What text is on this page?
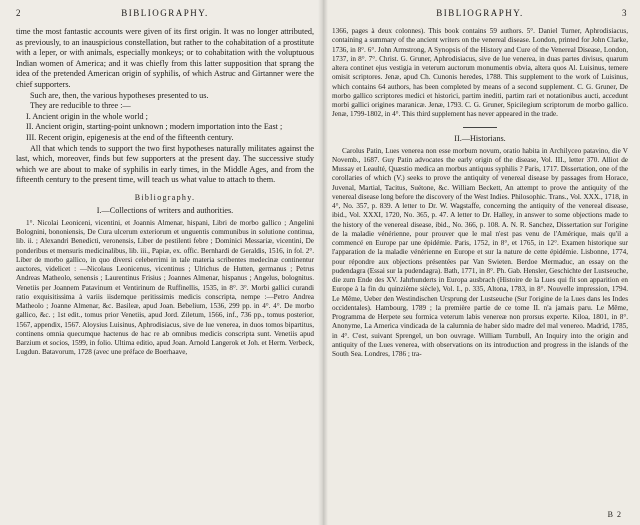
2	BIBLIOGRAPHY.

time the most fantastic accounts were given of its first origin. It was no longer attributed, as previously, to an inauspicious constellation, but rather to the cohabitation of a prostitute with a leper, or with animals, especially monkeys; or to cohabitation with the voluptuous Indian women of America; and it was chiefly from this latter supposition that sprang the idea of the pretended American origin of syphilis, of which Astruc and Girtanner were the chief supporters.

Such are, then, the various hypotheses presented to us.

They are reducible to three :—

I. Ancient origin in the whole world ;

II. Ancient origin, starting-point unknown ; modern importation into the East ;

III. Recent origin, epigenesis at the end of the fifteenth century.

All that which tends to support the two first hypotheses naturally militates against the last, which, moreover, finds but few supporters at the present day. The successive study which we are about to make of syphilis in early times, in the Middle Ages, and from the fifteenth century to the present time, will teach us what value to attach to them.

Bibliography.
I.—Collections of writers and authorities.

1°. Nicolai Leoniceni, vicentini, et Joannis Almenar, hispani, Libri de morbo gallico ; Angelini Bolognini, bononiensis, De Cura ulcerum exteriorum et unguentis communibus in solutione continua, lib. ii. ; Alexandri Benedicti, veronensis, Liber de pestilenti febre ; Dominici Messariæ, vicentini, De ponderibus et mensuris medicinalibus, lib. iii., Papiæ, ex. offic. Bernhardi de Geraldis, 1516, in fol. 2°. Liber de morbo gallico, in quo diversi celeberrimi in tale materia scribentes medecinæ continentur auctores, videlicet : —Nicolaus Leonicenus, vicentinus ; Ulrichus de Hutten, germanus ; Petrus Andreas Matheolo, senensis ; Laurentinus Frisius ; Joannes Almenar, hispanus ; Angelus, bolognitus. Venetiis per Joannem Patavinum et Ventirinum de Ruffinellis, 1535, in 8°. 3°. Morbi gallici curandi ratio exquisitissima à variis iisdemque peritissimis medicis conscripta, nempe :—Petro Andrea Matheolo ; Joanne Almenar, &c. Basileæ, apud Joan. Bebelium, 1536, 299 pp. in 4°. 4°. De morbo gallico, &c. ; 1st edit., tomus prior Venetiis, apud Jord. Ziletum, 1566, inf., 736 pp., tomus posterior, 1567, appendix, 1567. Aloysius Luisinus, Aphrodisiacus, sive de lue venerea, in duos tomos bipartitus, continens omnia quecumque hactenus de hac re ab omnibus medicis conscripta sunt. Venetiis apud Barzium et socios, 1599, in folio. Ultima editio, apud Joan. Arnold Langerok et Joh. et Herm. Verbeck, Lugdun. Batavorum, 1728 (avec une préface de Boerhaave,

BIBLIOGRAPHY.	3

1366, pages à deux colonnes). This book contains 59 authors. 5°. Daniel Turner, Aphrodisiacus, containing a summary of the ancient writers on the venereal disease. London, printed for John Clarke, 1736, in 8°. 6°. John Armstrong, A Synopsis of the History and Cure of the Venereal Disease, London, 1737, in 8°. 7°. Christ. G. Gruner, Aphrodisiacus, sive de lue venerea, in duas partes divisus, quarum altera continet ejus vestigia in veterum auctorum monumentis obvia, altera quos Al. Luisinus, temere omisit scriptores. Jenæ, apud Ch. Cunonis heredes, 1788. This supplement to the work of Luisinus, which contains 64 authors, has been completed by means of a second supplement. C. G. Gruner, De morbo gallico scriptores medici et historici, partim inediti, partim rari et notationibus aucti, accedunt morbi gallici origines maranicæ. Jenæ, 1793. C. G. Gruner, Spicilegium scriptorum de morbo gallico. Jenæ, 1799-1802, in 4°. This third supplement has never appeared in the trade.

II.—Historians.

Carolus Patin, Lues venerea non esse morbum novum, oratio habita in Archilyceo patavino, die V Novemb., 1687. Guy Patin advocates the early origin of the disease, Vol. III., letter 370. Alliot de Mussay et Leaulté, Quæstio medica an morbus antiquus syphilis ? Paris, 1717. Dissertation, one of the corollaries of which (V.) seeks to prove the antiquity of venereal disease by passages from Horace, Juvenal, Martial, Tacitus, Suétone, &c. William Beckett, An attempt to prove the antiquity of the venereal disease long before the discovery of the West Indies. Philosophic. Trans., Vol. XXX., 1718, in 4°, No. 357, p. 839. A letter to Dr. W. Wagstaffe, concerning the antiquity of the venereal disease, ibid., Vol. XXXI, 1720, No. 365, p. 47. A letter to Dr. Halley, in answer to some objections made to the history of the venereal disease, ibid., No. 366, p. 108. A. N. R. Sanchez, Dissertation sur l'origine de la maladie vénérienne, pour prouver que le mal n'est pas venu de l'Amérique, mais qu'il a commencé en Europe par une épidémie. Paris, 1752, in 8°, et 1765, in 12°. Examen historique sur l'apparation de la maladie vénérienne en Europe et sur la nature de cette épidémie. Lisbonne, 1774, pour répondre aux objections présentées par Van Swieten. Berdoe Mermaduc, an essay on the pudendagra (Essai sur la pudendagra). Bath, 1771, in 8°. Ph. Gab. Hensler, Geschichte der Lustseuche, die zum Ende des XV. Jahrhunderts in Europa ausbrach (Histoire de la Lues qui fit son apparition en Europe à la fin du quinzième siècle), Vol. I., p. 335, Altona, 1783, in 8°. Nouvelle impression, 1794. Le Même, Ueber den Westindischen Ursprung der Lustseuche (Sur l'origine de la Lues dans les Indes occidentales). Hambourg, 1789 ; la première partie de ce tome II. n'a jamais paru. Le Même, Programma de Herpete seu formica veterum labis venereæ non prorsus experte. Kiloa, 1801, in 8°. Anonyme, La America vindicada de la calumnia de haber sido madre del mal venereo. Madrid, 1785, in 4°. C'est, suivant Sprengel, un bon ouvrage. William Turnbull, An Inquiry into the origin and antiquity of the Lues venerea, with observations on its introduction and progress in the islands of the South Sea. Londres, 1786 ; tra-

B 2
